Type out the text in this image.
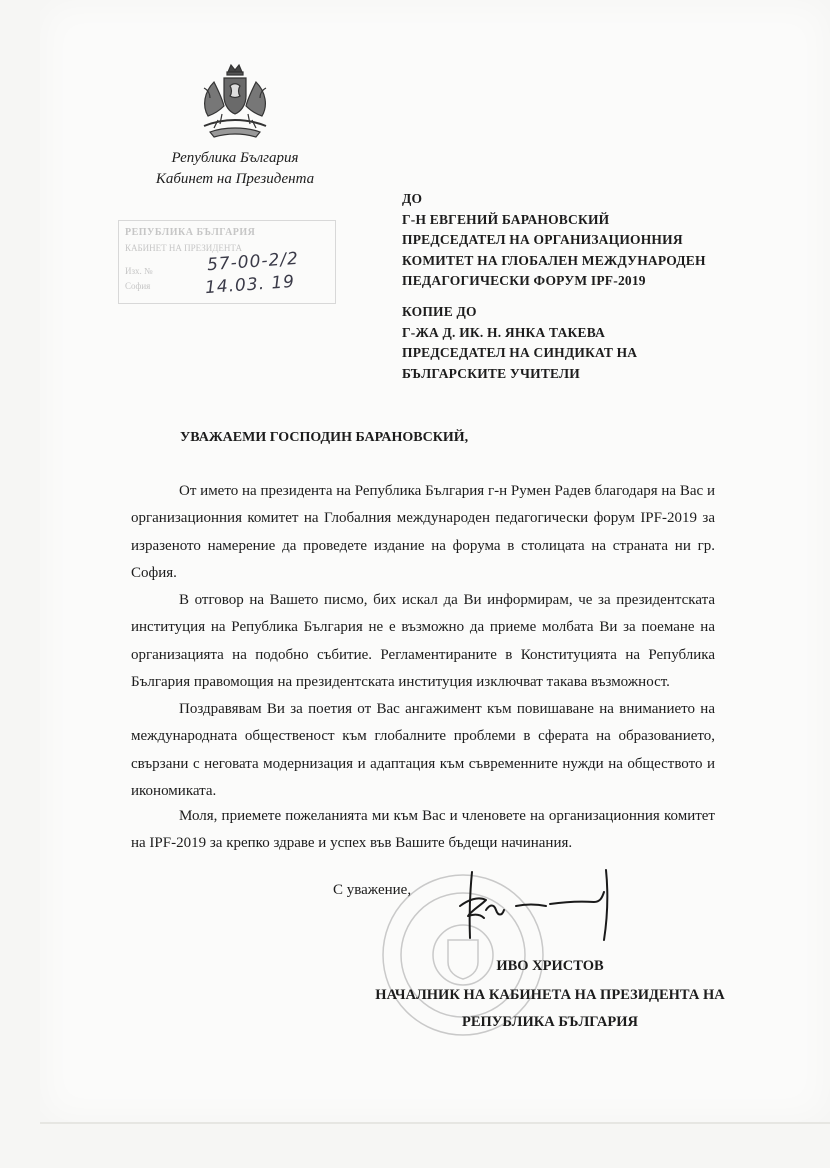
Република България
Кабинет на Президента
РЕПУБЛИКА БЪЛГАРИЯ
КАБИНЕТ НА ПРЕЗИДЕНТА
Изх. №
София
57-00-2/2
14.03. 19
ДО
Г-Н ЕВГЕНИЙ БАРАНОВСКИЙ
ПРЕДСЕДАТЕЛ НА ОРГАНИЗАЦИОННИЯ
КОМИТЕТ НА ГЛОБАЛЕН МЕЖДУНАРОДЕН
ПЕДАГОГИЧЕСКИ ФОРУМ IPF-2019
КОПИЕ ДО
Г-ЖА Д. ИК. Н. ЯНКА ТАКЕВА
ПРЕДСЕДАТЕЛ НА СИНДИКАТ НА
БЪЛГАРСКИТЕ УЧИТЕЛИ
УВАЖАЕМИ ГОСПОДИН БАРАНОВСКИЙ,

От името на президента на Република България г-н Румен Радев благодаря на Вас и организационния комитет на Глобалния международен педагогически форум IPF-2019 за изразеното намерение да проведете издание на форума в столицата на страната ни гр. София.

В отговор на Вашето писмо, бих искал да Ви информирам, че за президентската институция на Република България не е възможно да приеме молбата Ви за поемане на организацията на подобно събитие. Регламентираните в Конституцията на Република България правомощия на президентската институция изключват такава възможност.

Поздравявам Ви за поетия от Вас ангажимент към повишаване на вниманието на международната общественост към глобалните проблеми в сферата на образованието, свързани с неговата модернизация и адаптация към съвременните нужди на обществото и икономиката.

Моля, приемете пожеланията ми към Вас и членовете на организационния комитет на IPF-2019 за крепко здраве и успех във Вашите бъдещи начинания.

С уважение,
ИВО ХРИСТОВ
НАЧАЛНИК НА КАБИНЕТА НА ПРЕЗИДЕНТА НА
РЕПУБЛИКА БЪЛГАРИЯ
